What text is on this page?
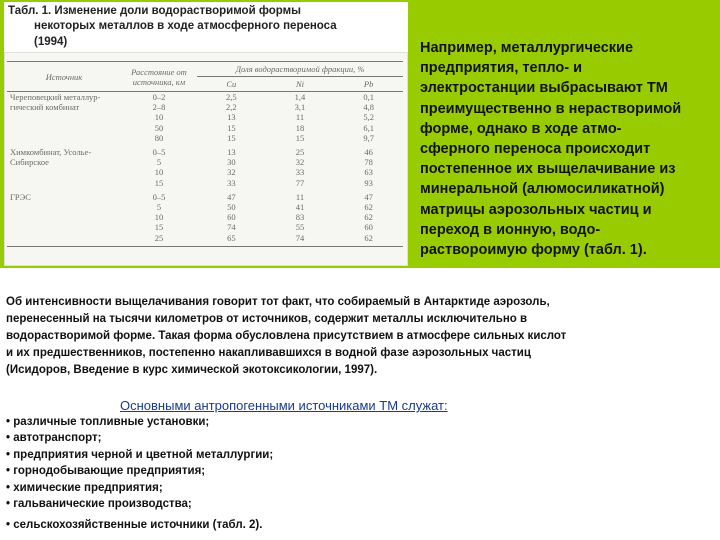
Табл. 1. Изменение доли водорастворимой формы
некоторых металлов в ходе атмосферного переноса
(1994)
Источник	Расстояние от источника, км	Доля водорастворимой фракции, %		
		Cu	Ni	Pb
Череповецкий металлур-	0–2	2,5	1,4	0,1
гический комбинат	2–8	2,2	3,1	4,8
	10	13	11	5,2
	50	15	18	6,1
	80	15	15	9,7
Химкомбинат, Усолье-	0–5	13	25	46
Сибирское	5	30	32	78
	10	32	33	63
	15	33	77	93
ГРЭС	0–5	47	11	47
	5	50	41	62
	10	60	83	62
	15	74	55	60
	25	65	74	62
Например, металлургические
предприятия, тепло- и
электростанции выбрасывают ТМ
преимущественно в нерастворимой
форме, однако в ходе атмо-
сферного переноса происходит
постепенное их выщелачивание из
минеральной (алюмосиликатной)
матрицы аэрозольных частиц и
переход в ионную, водо-
раствороимую форму (табл. 1).
Об интенсивности выщелачивания говорит тот факт, что собираемый в Антарктиде аэрозоль,
перенесенный на тысячи километров от источников, содержит металлы исключительно в
водорастворимой форме. Такая форма обусловлена присутствием в атмосфере сильных кислот
и их предшественников, постепенно накапливавшихся в водной фазе аэрозольных частиц
(Исидоров, Введение в курс химической экотоксикологии, 1997).
Основными антропогенными источниками ТМ служат:
• различные топливные установки;
• автотранспорт;
• предприятия черной и цветной металлургии;
• горнодобывающие предприятия;
• химические предприятия;
• гальванические производства;
• сельскохозяйственные источники (табл. 2).
